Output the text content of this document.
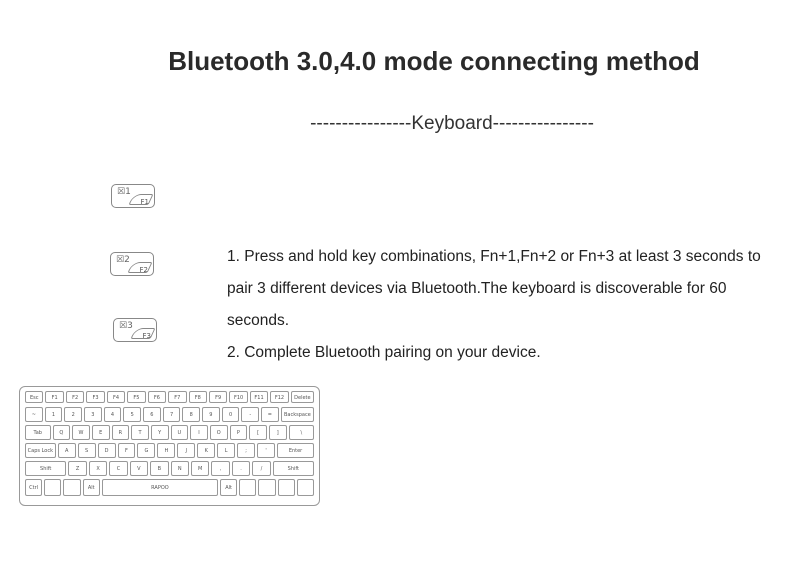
Bluetooth 3.0,4.0 mode connecting method
----------------Keyboard----------------
☒1
F1
☒2
F2
☒3
F3

1. Press and hold key combinations, Fn+1,Fn+2 or Fn+3 at least 3 seconds to pair 3 different devices via Bluetooth.The keyboard is discoverable for 60 seconds.

2. Complete Bluetooth pairing on your device.

Esc	F1	F2	F3	F4	F5	F6	F7	F8	F9	F10	F11	F12	Delete
~	1	2	3	4	5	6	7	8	9	0	-	=	Backspace
Tab	Q	W	E	R	T	Y	U	I	O	P	[	]	\
Caps Lock	A	S	D	F	G	H	J	K	L	;	'	Enter
Shift	Z	X	C	V	B	N	M	,	.	/	Shift
Ctrl	Alt	RAPOO	Alt
